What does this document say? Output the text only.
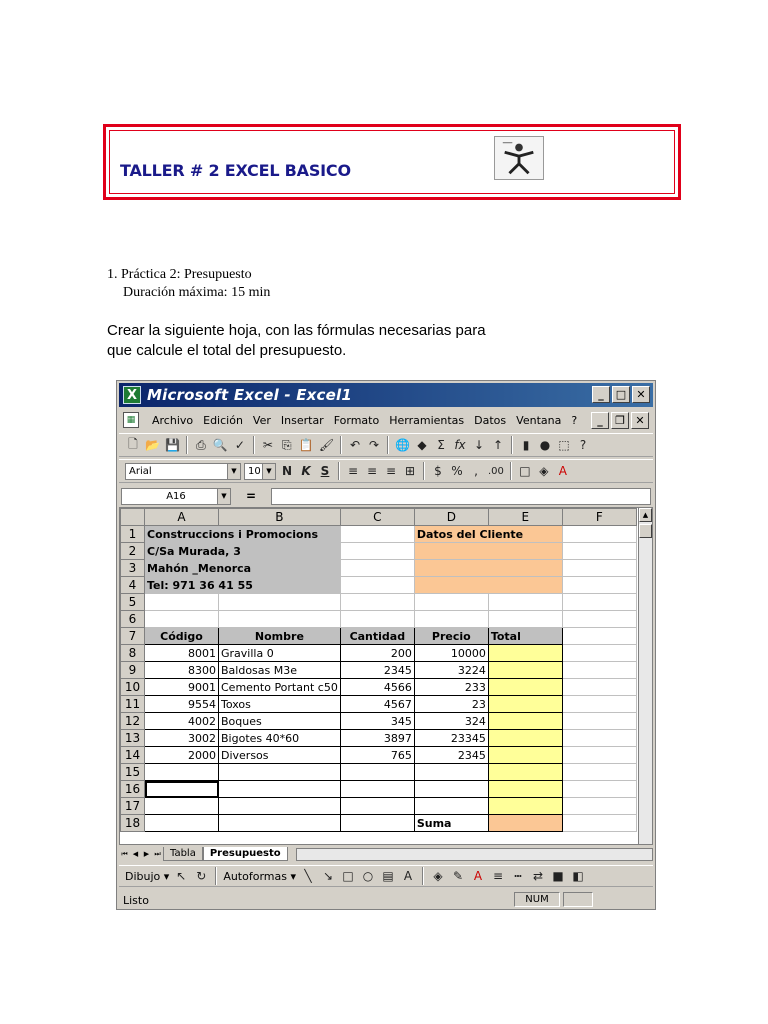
TALLER # 2 EXCEL BASICO
1. Práctica 2: Presupuesto
Duración máxima: 15 min
Crear la siguiente hoja, con las fórmulas necesarias para
que calcule el total del presupuesto.
X Microsoft Excel - Excel1	_	□ ✕
▦	Archivo Edición Ver Insertar Formato Herramientas Datos Ventana ?	_	❐ ✕
🗋 📂 💾 ⎙ 🔍 ✓ ✂ ⎘ 📋 🖌 ↶ ↷ 🌐 ◆ Σ fx ↓ ↑	▮ ● ⬚ ?
Arial	▼	10 ▼ N K S	≡ ≡ ≡ ⊞	$ % ,	.00 □ ◈ A
A16	▼	=
	A	B	C	D	E	F
1	Construccions i Promocions			Datos del Cliente		
2	C/Sa Murada, 3					
3	Mahón _Menorca					
4	Tel: 971 36 41 55					
5						
6						
7	Código	Nombre	Cantidad	Precio	Total	
8	8001	Gravilla 0	200	10000		
9	8300	Baldosas M3e	2345	3224		
10	9001	Cemento Portant c50	4566	233		
11	9554	Toxos	4567	23		
12	4002	Boques	345	324		
13	3002	Bigotes 40*60	3897	23345		
14	2000	Diversos	765	2345		
15						
16						
17						
18				Suma		
▲
⏮ ◀ ▶ ⏭ Tabla	Presupuesto
Dibujo ▾ ↖ ↻ Autoformas ▾ ╲ ↘ □ ○ ▤ A	◈ ✎ A ≡ ┅ ⇄ ■ ◧
Listo	NUM
